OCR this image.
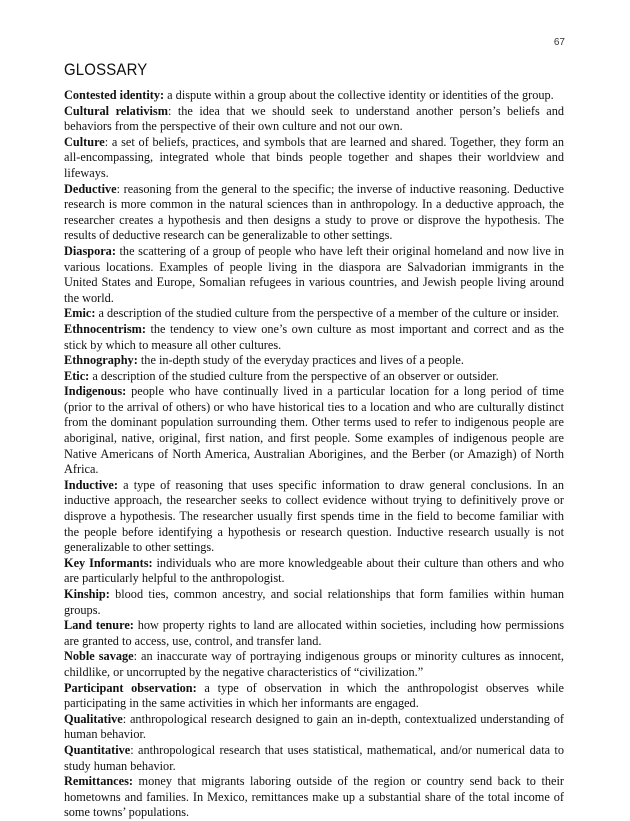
67
GLOSSARY

Contested identity: a dispute within a group about the collective identity or identities of the group.

Cultural relativism: the idea that we should seek to understand another person’s beliefs and behaviors from the perspective of their own culture and not our own.

Culture: a set of beliefs, practices, and symbols that are learned and shared. Together, they form an all-encompassing, integrated whole that binds people together and shapes their worldview and lifeways.

Deductive: reasoning from the general to the specific; the inverse of inductive reasoning. Deductive research is more common in the natural sciences than in anthropology. In a deductive approach, the researcher creates a hypothesis and then designs a study to prove or disprove the hypothesis. The results of deductive research can be generalizable to other settings.

Diaspora: the scattering of a group of people who have left their original homeland and now live in various locations. Examples of people living in the diaspora are Salvadorian immigrants in the United States and Europe, Somalian refugees in various countries, and Jewish people living around the world.

Emic: a description of the studied culture from the perspective of a member of the culture or insider.

Ethnocentrism: the tendency to view one’s own culture as most important and correct and as the stick by which to measure all other cultures.

Ethnography: the in-depth study of the everyday practices and lives of a people.

Etic: a description of the studied culture from the perspective of an observer or outsider.

Indigenous: people who have continually lived in a particular location for a long period of time (prior to the arrival of others) or who have historical ties to a location and who are culturally distinct from the dominant population surrounding them. Other terms used to refer to indigenous people are aboriginal, native, original, first nation, and first people. Some examples of indigenous people are Native Americans of North America, Australian Aborigines, and the Berber (or Amazigh) of North Africa.

Inductive: a type of reasoning that uses specific information to draw general conclusions. In an inductive approach, the researcher seeks to collect evidence without trying to definitively prove or disprove a hypothesis. The researcher usually first spends time in the field to become familiar with the people before identifying a hypothesis or research question. Inductive research usually is not generalizable to other settings.

Key Informants: individuals who are more knowledgeable about their culture than others and who are particularly helpful to the anthropologist.

Kinship: blood ties, common ancestry, and social relationships that form families within human groups.

Land tenure: how property rights to land are allocated within societies, including how permissions are granted to access, use, control, and transfer land.

Noble savage: an inaccurate way of portraying indigenous groups or minority cultures as innocent, childlike, or uncorrupted by the negative characteristics of “civilization.”

Participant observation: a type of observation in which the anthropologist observes while participating in the same activities in which her informants are engaged.

Qualitative: anthropological research designed to gain an in-depth, contextualized understanding of human behavior.

Quantitative: anthropological research that uses statistical, mathematical, and/or numerical data to study human behavior.

Remittances: money that migrants laboring outside of the region or country send back to their hometowns and families. In Mexico, remittances make up a substantial share of the total income of some towns’ populations.
